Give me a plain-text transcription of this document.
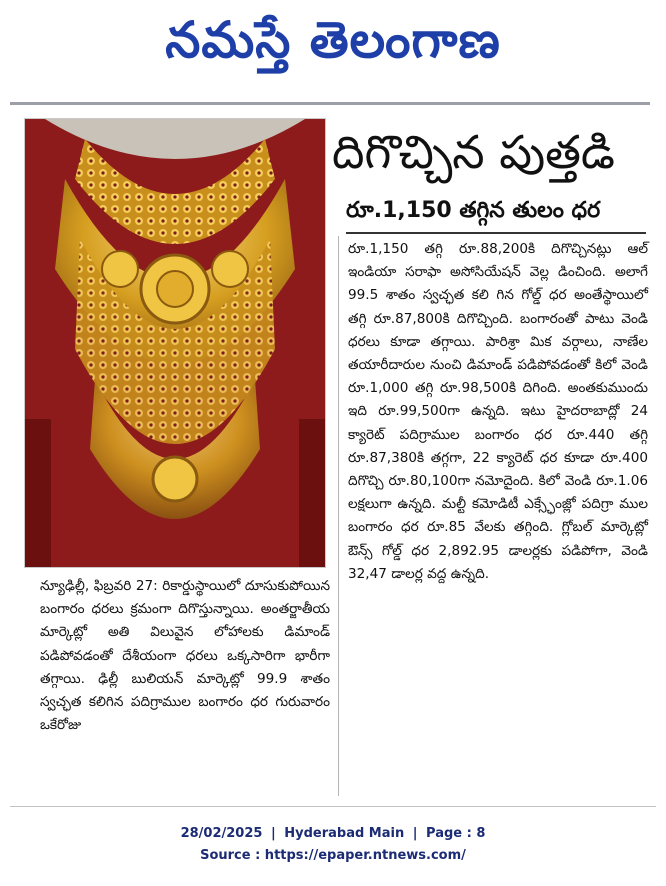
నమస్తే తెలంగాణ
దిగొచ్చిన పుత్తడి
రూ.1,150 తగ్గిన తులం ధర
రూ.1,150 తగ్గి రూ.88,200కి దిగొచ్చినట్లు ఆల్ ఇండియా సరాఫా అసోసియేషన్ వెల్ల డించింది. అలాగే 99.5 శాతం స్వచ్ఛత కలి గిన గోల్డ్ ధర అంతేస్థాయిలో తగ్గి రూ.87,800కి దిగొచ్చింది. బంగారంతో పాటు వెండి ధరలు కూడా తగ్గాయి. పారిశ్రా మిక వర్గాలు, నాణేల తయారీదారుల నుంచి డిమాండ్ పడిపోవడంతో కిలో వెండి రూ.1,000 తగ్గి రూ.98,500కి దిగింది. అంతకుముందు ఇది రూ.99,500గా ఉన్నది. ఇటు హైదరాబాద్లో 24 క్యారెట్ పదిగ్రాముల బంగారం ధర రూ.440 తగ్గి రూ.87,380కి తగ్గగా, 22 క్యారెట్ ధర కూడా రూ.400 దిగొచ్చి రూ.80,100గా నమోదైంది. కిలో వెండి రూ.1.06 లక్షలుగా ఉన్నది. మల్టీ కమోడిటీ ఎక్స్ఛేంజ్లో పదిగ్రా ముల బంగారం ధర రూ.85 వేలకు తగ్గింది. గ్లోబల్ మార్కెట్లో ఔన్స్ గోల్డ్ ధర 2,892.95 డాలర్లకు పడిపోగా, వెండి 32,47 డాలర్ల వద్ద ఉన్నది.
న్యూఢిల్లీ, ఫిబ్రవరి 27: రికార్డుస్థాయిలో దూసుకుపోయిన బంగారం ధరలు క్రమంగా దిగొస్తున్నాయి. అంతర్జాతీయ మార్కెట్లో అతి విలువైన లోహాలకు డిమాండ్ పడిపోవడంతో దేశీయంగా ధరలు ఒక్కసారిగా భారీగా తగ్గాయి. ఢిల్లీ బులియన్ మార్కెట్లో 99.9 శాతం స్వచ్ఛత కలిగిన పదిగ్రాముల బంగారం ధర గురువారం ఒకేరోజు
28/02/2025 | Hyderabad Main | Page : 8
Source : https://epaper.ntnews.com/
